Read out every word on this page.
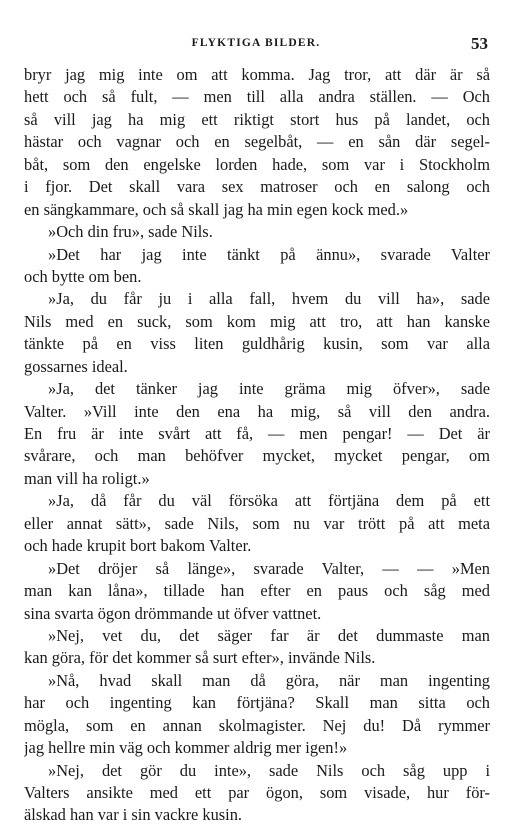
FLYKTIGA BILDER.	53
bryr jag mig inte om att komma. Jag tror, att där är så
hett och så fult, — men till alla andra ställen. — Och
så vill jag ha mig ett riktigt stort hus på landet, och
hästar och vagnar och en segelbåt, — en sån där segel-
båt, som den engelske lorden hade, som var i Stockholm
i fjor. Det skall vara sex matroser och en salong och
en sängkammare, och så skall jag ha min egen kock med.»
»Och din fru», sade Nils.
»Det har jag inte tänkt på ännu», svarade Valter
och bytte om ben.
»Ja, du får ju i alla fall, hvem du vill ha», sade
Nils med en suck, som kom mig att tro, att han kanske
tänkte på en viss liten guldhårig kusin, som var alla
gossarnes ideal.
»Ja, det tänker jag inte gräma mig öfver», sade
Valter. »Vill inte den ena ha mig, så vill den andra.
En fru är inte svårt att få, — men pengar! — Det är
svårare, och man behöfver mycket, mycket pengar, om
man vill ha roligt.»
»Ja, då får du väl försöka att förtjäna dem på ett
eller annat sätt», sade Nils, som nu var trött på att meta
och hade krupit bort bakom Valter.
»Det dröjer så länge», svarade Valter, — — »Men
man kan låna», tillade han efter en paus och såg med
sina svarta ögon drömmande ut öfver vattnet.
»Nej, vet du, det säger far är det dummaste man
kan göra, för det kommer så surt efter», invände Nils.
»Nå, hvad skall man då göra, när man ingenting
har och ingenting kan förtjäna? Skall man sitta och
mögla, som en annan skolmagister. Nej du! Då rymmer
jag hellre min väg och kommer aldrig mer igen!»
»Nej, det gör du inte», sade Nils och såg upp i
Valters ansikte med ett par ögon, som visade, hur för-
älskad han var i sin vackre kusin.
